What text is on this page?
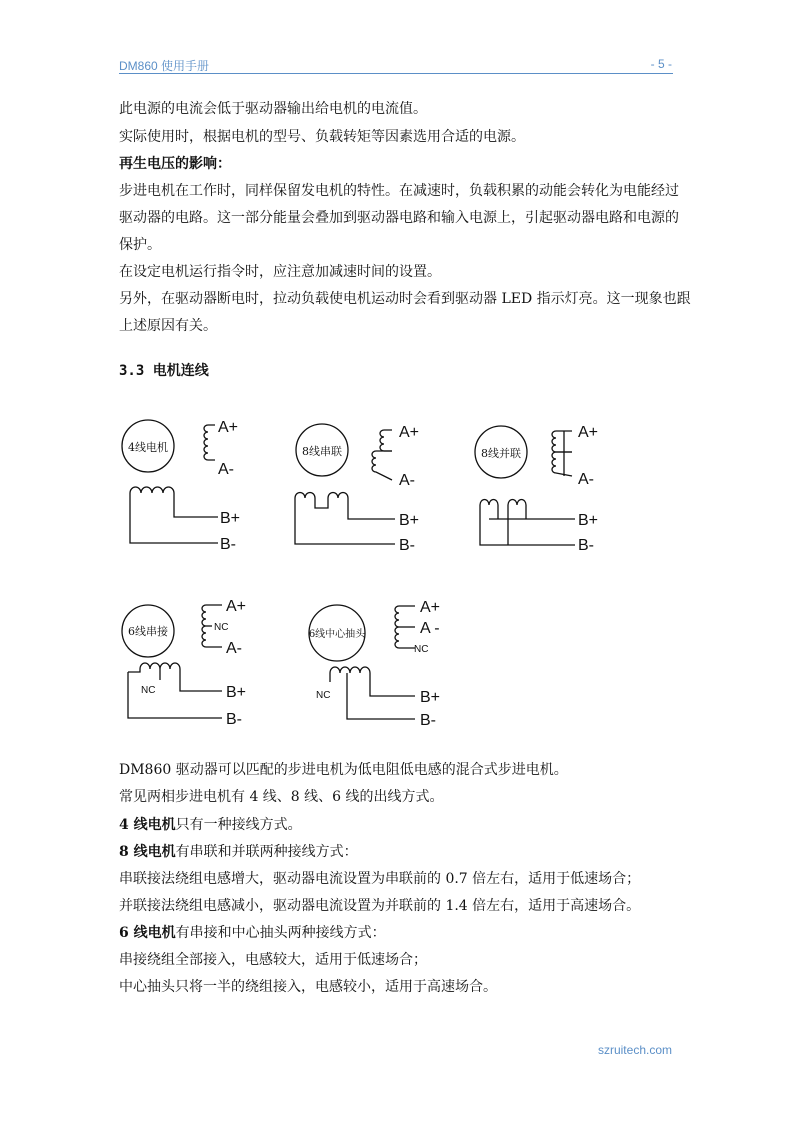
DM860 使用手册	- 5 -
此电源的电流会低于驱动器输出给电机的电流值。
实际使用时，根据电机的型号、负载转矩等因素选用合适的电源。
再生电压的影响：
步进电机在工作时，同样保留发电机的特性。在减速时，负载积累的动能会转化为电能经过
驱动器的电路。这一部分能量会叠加到驱动器电路和输入电源上，引起驱动器电路和电源的
保护。
在设定电机运行指令时，应注意加减速时间的设置。
另外，在驱动器断电时，拉动负载使电机运动时会看到驱动器 LED 指示灯亮。这一现象也跟
上述原因有关。
3.3 电机连线
4线电机
A+
A-
B+
B-
8线串联
A+
A-
B+
B-
8线并联
A+
A-
B+
B-
6线串接
A+
NC
A-
NC	B+
B-
6线中心抽头
A+
A -
NC
NC	B+
B-
DM860 驱动器可以匹配的步进电机为低电阻低电感的混合式步进电机。
常见两相步进电机有 4 线、8 线、6 线的出线方式。
4 线电机只有一种接线方式。
8 线电机有串联和并联两种接线方式：
串联接法绕组电感增大，驱动器电流设置为串联前的 0.7 倍左右，适用于低速场合；
并联接法绕组电感减小，驱动器电流设置为并联前的 1.4 倍左右，适用于高速场合。
6 线电机有串接和中心抽头两种接线方式：
串接绕组全部接入，电感较大，适用于低速场合；
中心抽头只将一半的绕组接入，电感较小，适用于高速场合。
szruitech.com
